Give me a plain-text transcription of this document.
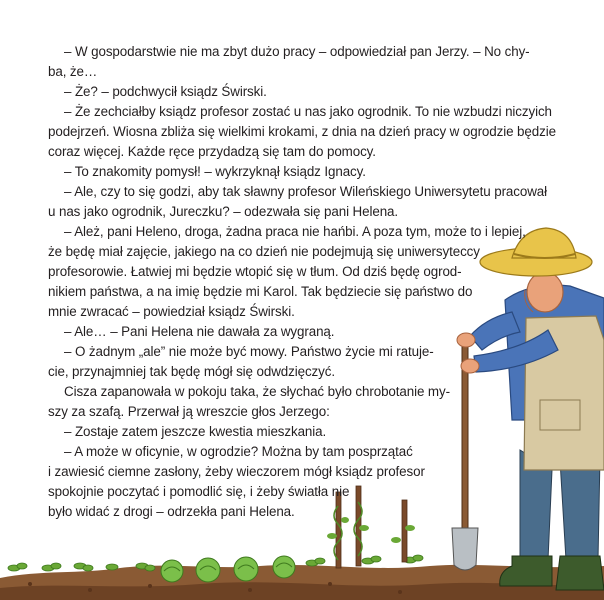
– W gospodarstwie nie ma zbyt dużo pracy – odpowiedział pan Jerzy. – No chy-
ba, że…
– Że? – podchwycił ksiądz Świrski.
– Że zechciałby ksiądz profesor zostać u nas jako ogrodnik. To nie wzbudzi niczyich
podejrzeń. Wiosna zbliża się wielkimi krokami, z dnia na dzień pracy w ogrodzie będzie
coraz więcej. Każde ręce przydadzą się tam do pomocy.
– To znakomity pomysł! – wykrzyknął ksiądz Ignacy.
– Ale, czy to się godzi, aby tak sławny profesor Wileńskiego Uniwersytetu pracował
u nas jako ogrodnik, Jureczku? – odezwała się pani Helena.
– Ależ, pani Heleno, droga, żadna praca nie hańbi. A poza tym, może to i lepiej,
że będę miał zajęcie, jakiego na co dzień nie podejmują się uniwersyteccy
profesorowie. Łatwiej mi będzie wtopić się w tłum. Od dziś będę ogrod-
nikiem państwa, a na imię będzie mi Karol. Tak będziecie się państwo do
mnie zwracać – powiedział ksiądz Świrski.
– Ale… – Pani Helena nie dawała za wygraną.
– O żadnym „ale” nie może być mowy. Państwo życie mi ratuje-
cie, przynajmniej tak będę mógł się odwdzięczyć.
Cisza zapanowała w pokoju taka, że słychać było chrobotanie my-
szy za szafą. Przerwał ją wreszcie głos Jerzego:
– Zostaje zatem jeszcze kwestia mieszkania.
– A może w oficynie, w ogrodzie? Można by tam posprzątać
i zawiesić ciemne zasłony, żeby wieczorem mógł ksiądz profesor
spokojnie poczytać i pomodlić się, i żeby światła nie
było widać z drogi – odrzekła pani Helena.
